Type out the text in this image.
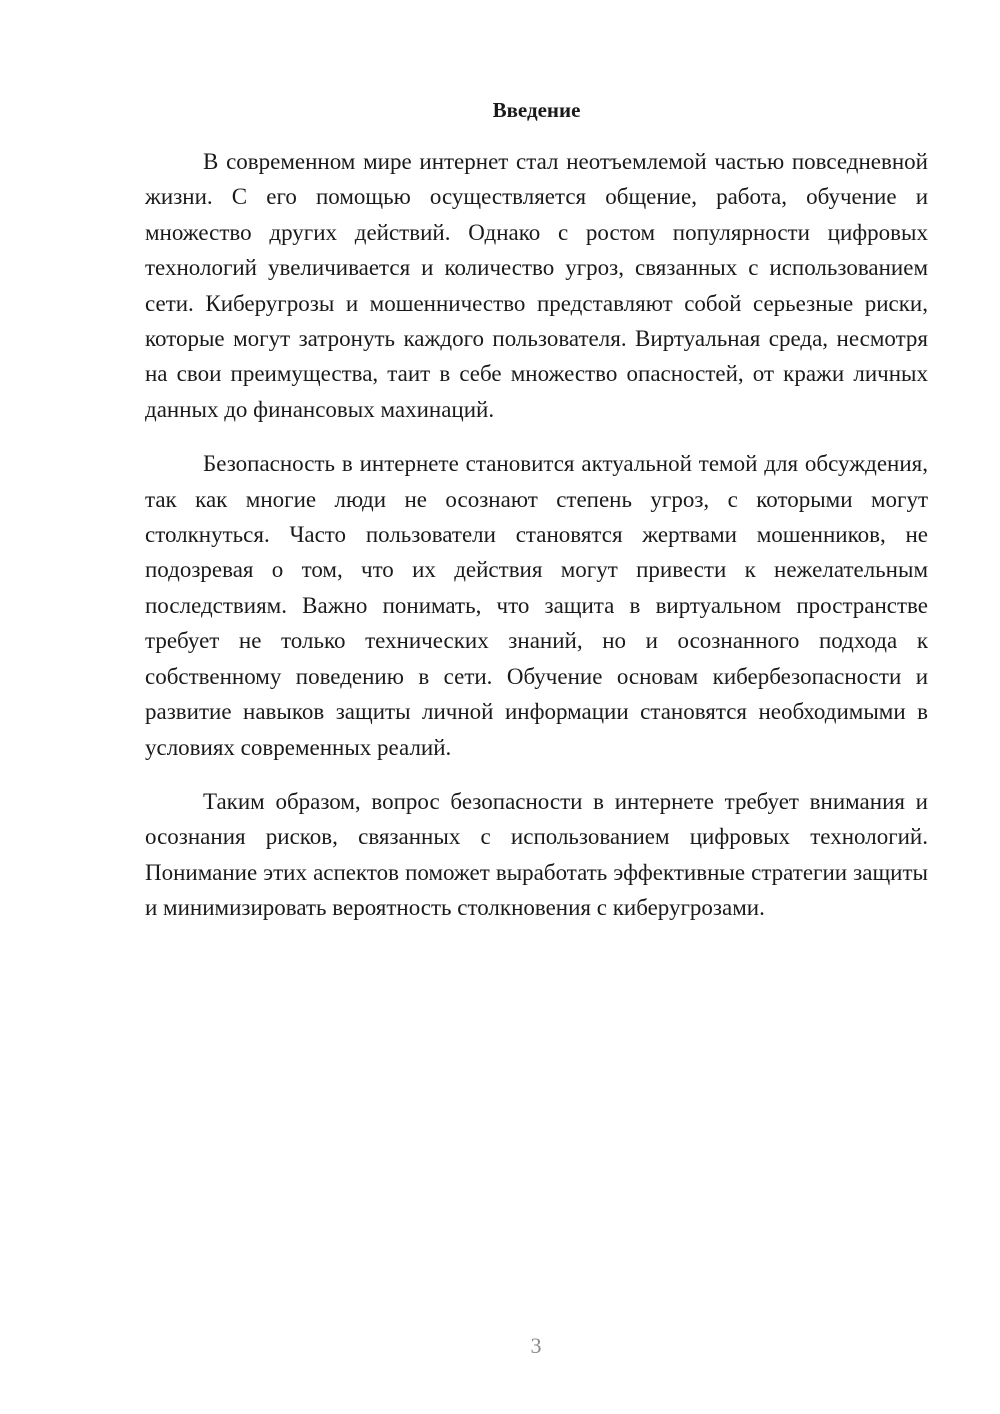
Введение

В современном мире интернет стал неотъемлемой частью повседневной жизни. С его помощью осуществляется общение, работа, обучение и множество других действий. Однако с ростом популярности цифровых технологий увеличивается и количество угроз, связанных с использованием сети. Киберугрозы и мошенничество представляют собой серьезные риски, которые могут затронуть каждого пользователя. Виртуальная среда, несмотря на свои преимущества, таит в себе множество опасностей, от кражи личных данных до финансовых махинаций.

Безопасность в интернете становится актуальной темой для обсуждения, так как многие люди не осознают степень угроз, с которыми могут столкнуться. Часто пользователи становятся жертвами мошенников, не подозревая о том, что их действия могут привести к нежелательным последствиям. Важно понимать, что защита в виртуальном пространстве требует не только технических знаний, но и осознанного подхода к собственному поведению в сети. Обучение основам кибербезопасности и развитие навыков защиты личной информации становятся необходимыми в условиях современных реалий.

Таким образом, вопрос безопасности в интернете требует внимания и осознания рисков, связанных с использованием цифровых технологий. Понимание этих аспектов поможет выработать эффективные стратегии защиты и минимизировать вероятность столкновения с киберугрозами.

3
